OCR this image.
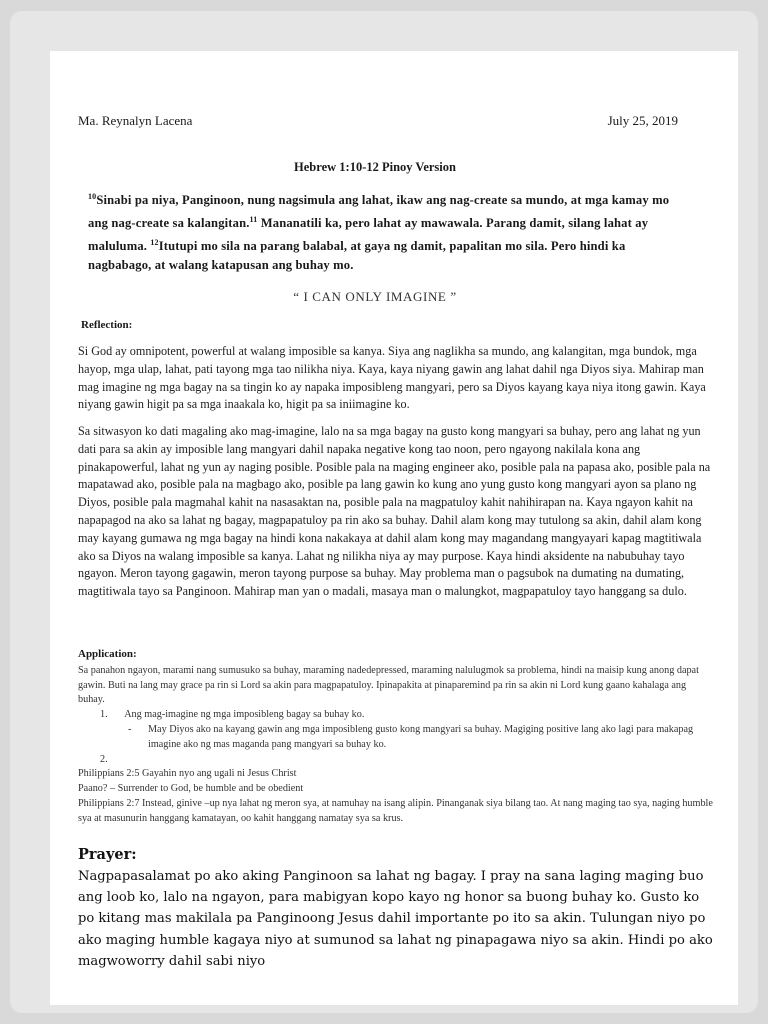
Ma. Reynalyn Lacena	July 25, 2019
Hebrew 1:10-12 Pinoy Version
$^{10}$Sinabi pa niya, Panginoon, nung nagsimula ang lahat, ikaw ang nag-create sa mundo, at mga kamay mo ang nag-create sa kalangitan.$^{11}$ Mananatili ka, pero lahat ay mawawala. Parang damit, silang lahat ay maluluma. $^{12}$Itutupi mo sila na parang balabal, at gaya ng damit, papalitan mo sila. Pero hindi ka nagbabago, at walang katapusan ang buhay mo.
“ I CAN ONLY IMAGINE ”
Reflection:
Si God ay omnipotent, powerful at walang imposible sa kanya. Siya ang naglikha sa mundo, ang kalangitan, mga bundok, mga hayop, mga ulap, lahat, pati tayong mga tao nilikha niya. Kaya, kaya niyang gawin ang lahat dahil nga Diyos siya. Mahirap man mag imagine ng mga bagay na sa tingin ko ay napaka imposibleng mangyari, pero sa Diyos kayang kaya niya itong gawin. Kaya niyang gawin higit pa sa mga inaakala ko, higit pa sa iniimagine ko.
Sa sitwasyon ko dati magaling ako mag-imagine, lalo na sa mga bagay na gusto kong mangyari sa buhay, pero ang lahat ng yun dati para sa akin ay imposible lang mangyari dahil napaka negative kong tao noon, pero ngayong nakilala kona ang pinakapowerful, lahat ng yun ay naging posible. Posible pala na maging engineer ako, posible pala na papasa ako, posible pala na mapatawad ako, posible pala na magbago ako, posible pa lang gawin ko kung ano yung gusto kong mangyari ayon sa plano ng Diyos, posible pala magmahal kahit na nasasaktan na, posible pala na magpatuloy kahit nahihirapan na. Kaya ngayon kahit na napapagod na ako sa lahat ng bagay, magpapatuloy pa rin ako sa buhay. Dahil alam kong may tutulong sa akin, dahil alam kong may kayang gumawa ng mga bagay na hindi kona nakakaya at dahil alam kong may magandang mangyayari kapag magtitiwala ako sa Diyos na walang imposible sa kanya. Lahat ng nilikha niya ay may purpose. Kaya hindi aksidente na nabubuhay tayo ngayon. Meron tayong gagawin, meron tayong purpose sa buhay. May problema man o pagsubok na dumating na dumating, magtitiwala tayo sa Panginoon. Mahirap man yan o madali, masaya man o malungkot, magpapatuloy tayo hanggang sa dulo.
Application:
Sa panahon ngayon, marami nang sumusuko sa buhay, maraming nadedepressed, maraming nalulugmok sa problema, hindi na maisip kung anong dapat gawin. Buti na lang may grace pa rin si Lord sa akin para magpapatuloy. Ipinapakita at pinaparemind pa rin sa akin ni Lord kung gaano kahalaga ang buhay.
1. Ang mag-imagine ng mga imposibleng bagay sa buhay ko.
- May Diyos ako na kayang gawin ang mga imposibleng gusto kong mangyari sa buhay. Magiging positive lang ako lagi para makapag imagine ako ng mas maganda pang mangyari sa buhay ko.
2.
Philippians 2:5 Gayahin nyo ang ugali ni Jesus Christ
Paano? – Surrender to God, be humble and be obedient
Philippians 2:7 Instead, ginive –up nya lahat ng meron sya, at namuhay na isang alipin. Pinanganak siya bilang tao. At nang maging tao sya, naging humble sya at masunurin hanggang kamatayan, oo kahit hanggang namatay sya sa krus.
Prayer:
Nagpapasalamat po ako aking Panginoon sa lahat ng bagay. I pray na sana laging maging buo ang loob ko, lalo na ngayon, para mabigyan kopo kayo ng honor sa buong buhay ko. Gusto ko po kitang mas makilala pa Panginoong Jesus dahil importante po ito sa akin. Tulungan niyo po ako maging humble kagaya niyo at sumunod sa lahat ng pinapagawa niyo sa akin. Hindi po ako magwoworry dahil sabi niyo
